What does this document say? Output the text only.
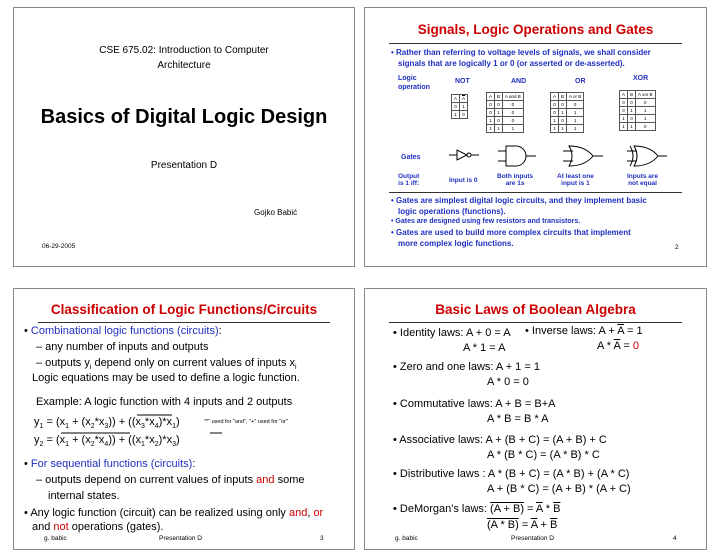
CSE 675.02: Introduction to Computer
Architecture
Basics of Digital Logic Design
Presentation D
Gojko Babić
06-29-2005
Signals, Logic Operations and Gates
• Rather than referring to voltage levels of signals, we shall consider
signals that are logically 1 or 0 (or asserted or de-asserted).
Logic
operation
NOT	AND	OR	XOR
A	$\overline{A}$
0	1
1	0
A	B	A and B
0	0	0
0	1	0
1	0	0
1	1	1
A	B	A or B
0	0	0
0	1	1
1	0	1
1	1	1
A	B	A xor B
0	0	0
0	1	1
1	0	1
1	1	0
Gates
Output
is 1 iff:	Input is 0
Both inputs
are 1s
At least one
input is 1
Inputs are
not equal
• Gates are simplest digital logic circuits, and they implement basic
logic operations (functions).
• Gates are designed using few resistors and transistors.
• Gates are used to build more complex circuits that implement
more complex logic functions.	2
Classification of Logic Functions/Circuits
• Combinational logic functions (circuits):
– any number of inputs and outputs
– outputs $y_i$ depend only on current values of inputs $x_i$
Logic equations may be used to define a logic function.
Example: A logic function with 4 inputs and 2 outputs
$y_1 = (x_1 + (x_2*x_3)) + ((x_3*x_4)*x_1)$
$y_2 = (x_1 + (x_2*x_4)) + ((x_1*x_2)*x_3)$
"*" used for "and", "+" used for "or"
• For sequential functions (circuits):
– outputs depend on current values of inputs and some
internal states.
• Any logic function (circuit) can be realized using only and, or
and not operations (gates).
g. babic	Presentation D	3
Basic Laws of Boolean Algebra
• Identity laws: A + 0 = A
A * 1 = A
• Inverse laws: $A + \overline{A} = 1$
$A * \overline{A} = 0$
• Zero and one laws: A + 1 = 1
A * 0 = 0
• Commutative laws: A + B = B+A
A * B = B * A
• Associative laws: A + (B + C) = (A + B) + C
A * (B * C) = (A * B) * C
• Distributive laws : A * (B + C) = (A * B) + (A * C)
A + (B * C) = (A + B) * (A + C)
• DeMorgan's laws: $(A + B) = \overline{A} * \overline{B}$
$(A * B) = \overline{A} + \overline{B}$
g. babic	Presentation D	4
